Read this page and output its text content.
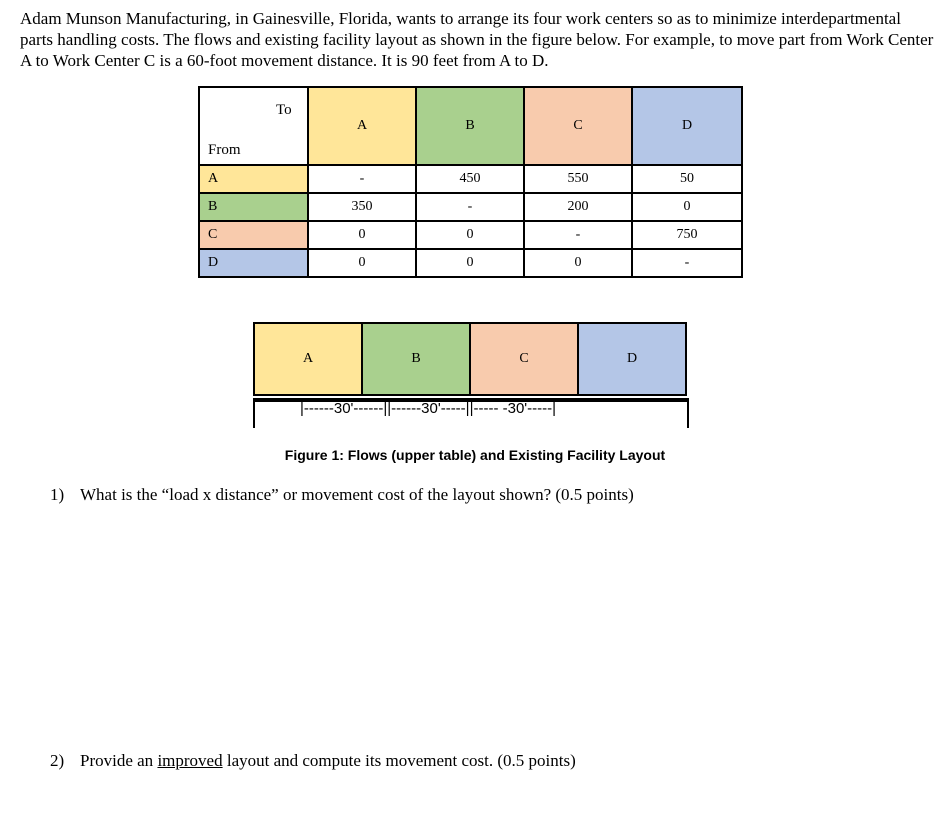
Adam Munson Manufacturing, in Gainesville, Florida, wants to arrange its four work centers so as to minimize interdepartmental parts handling costs. The flows and existing facility layout as shown in the figure below. For example, to move part from Work Center A to Work Center C is a 60-foot movement distance. It is 90 feet from A to D.

To
From	A	B	C	D
A	-	450	550	50
B	350	-	200	0
C	0	0	-	750
D	0	0	0	-
A	B	C	D
|------30'------||------30'-----||----- -30'-----|
Figure 1: Flows (upper table) and Existing Facility Layout
1) What is the “load x distance” or movement cost of the layout shown? (0.5 points)
2) Provide an improved layout and compute its movement cost. (0.5 points)
